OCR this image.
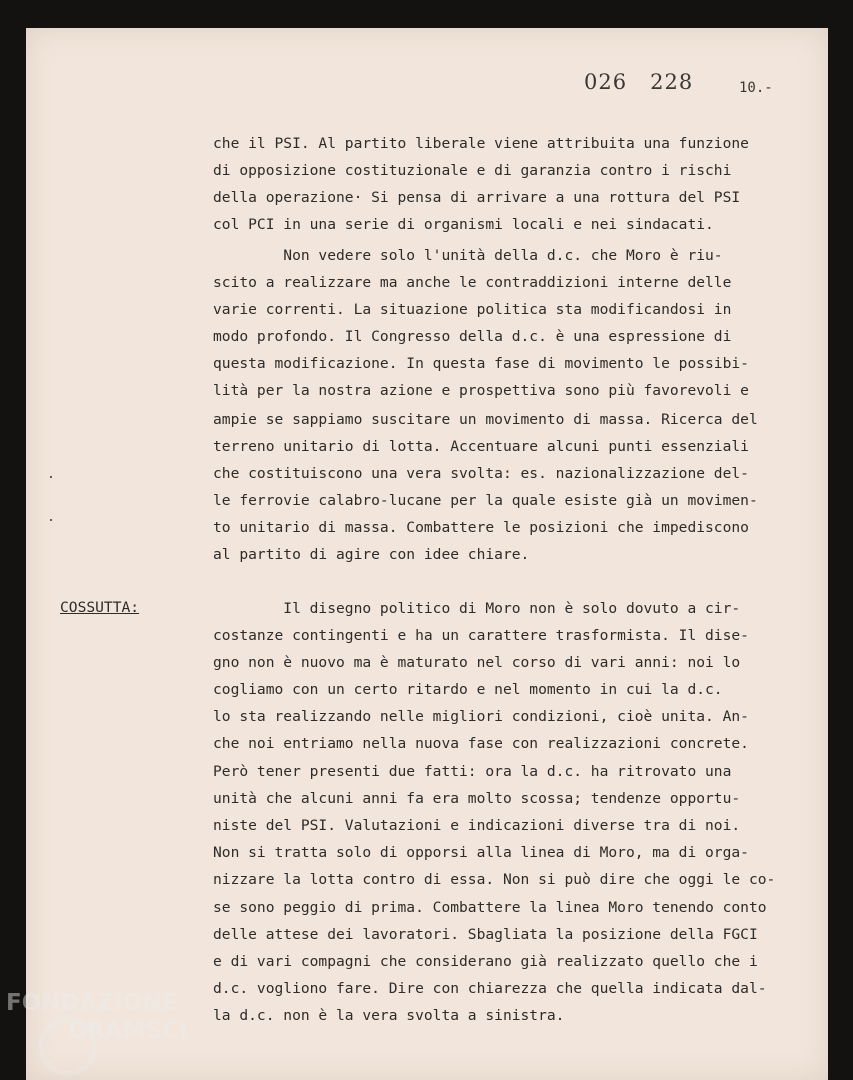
026   228	10.-
COSSUTTA:
che il PSI. Al partito liberale viene attribuita una funzione
di opposizione costituzionale e di garanzia contro i rischi
della operazione· Si pensa di arrivare a una rottura del PSI
col PCI in una serie di organismi locali e nei sindacati.
Non vedere solo l'unità della d.c. che Moro è riu-
scito a realizzare ma anche le contraddizioni interne delle
varie correnti. La situazione politica sta modificandosi in
modo profondo. Il Congresso della d.c. è una espressione di
questa modificazione. In questa fase di movimento le possibi-
lità per la nostra azione e prospettiva sono più favorevoli e
ampie se sappiamo suscitare un movimento di massa. Ricerca del
terreno unitario di lotta. Accentuare alcuni punti essenziali
che costituiscono una vera svolta: es. nazionalizzazione del-
le ferrovie calabro-lucane per la quale esiste già un movimen-
to unitario di massa. Combattere le posizioni che impediscono
al partito di agire con idee chiare.
Il disegno politico di Moro non è solo dovuto a cir-
costanze contingenti e ha un carattere trasformista. Il dise-
gno non è nuovo ma è maturato nel corso di vari anni: noi lo
cogliamo con un certo ritardo e nel momento in cui la d.c.
lo sta realizzando nelle migliori condizioni, cioè unita. An-
che noi entriamo nella nuova fase con realizzazioni concrete.
Però tener presenti due fatti: ora la d.c. ha ritrovato una
unità che alcuni anni fa era molto scossa; tendenze opportu-
niste del PSI. Valutazioni e indicazioni diverse tra di noi.
Non si tratta solo di opporsi alla linea di Moro, ma di orga-
nizzare la lotta contro di essa. Non si può dire che oggi le co-
se sono peggio di prima. Combattere la linea Moro tenendo conto
delle attese dei lavoratori. Sbagliata la posizione della FGCI
e di vari compagni che considerano già realizzato quello che i
d.c. vogliono fare. Dire con chiarezza che quella indicata dal-
la d.c. non è la vera svolta a sinistra.
FONDAZIONE
GRAMSCI
